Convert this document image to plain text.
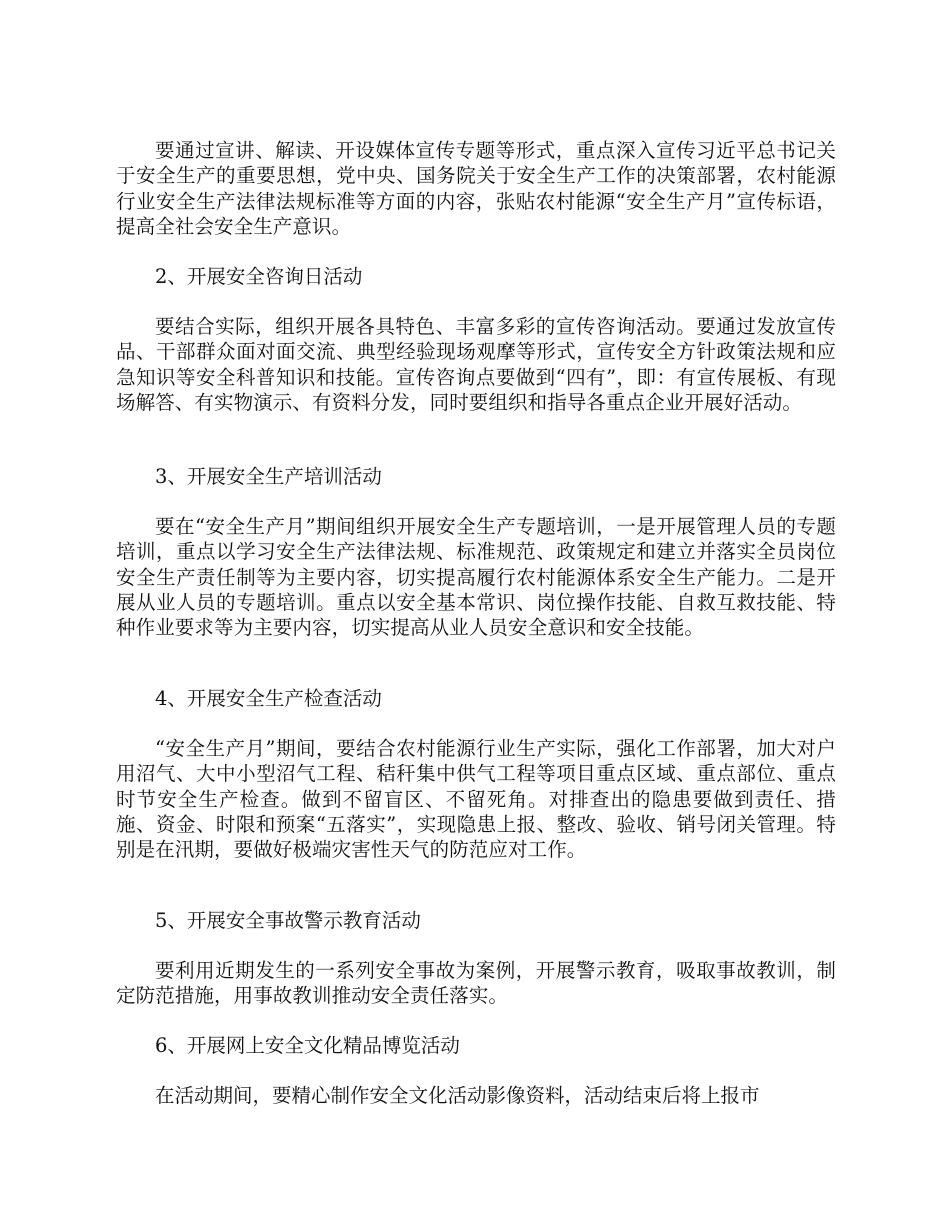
要通过宣讲、解读、开设媒体宣传专题等形式，重点深入宣传习近平总书记关于安全生产的重要思想，党中央、国务院关于安全生产工作的决策部署，农村能源行业安全生产法律法规标准等方面的内容，张贴农村能源“安全生产月”宣传标语，提高全社会安全生产意识。

2、开展安全咨询日活动

要结合实际，组织开展各具特色、丰富多彩的宣传咨询活动。要通过发放宣传品、干部群众面对面交流、典型经验现场观摩等形式，宣传安全方针政策法规和应急知识等安全科普知识和技能。宣传咨询点要做到“四有”，即：有宣传展板、有现场解答、有实物演示、有资料分发，同时要组织和指导各重点企业开展好活动。

3、开展安全生产培训活动

要在“安全生产月”期间组织开展安全生产专题培训，一是开展管理人员的专题培训，重点以学习安全生产法律法规、标准规范、政策规定和建立并落实全员岗位安全生产责任制等为主要内容，切实提高履行农村能源体系安全生产能力。二是开展从业人员的专题培训。重点以安全基本常识、岗位操作技能、自救互救技能、特种作业要求等为主要内容，切实提高从业人员安全意识和安全技能。

4、开展安全生产检查活动

“安全生产月”期间，要结合农村能源行业生产实际，强化工作部署，加大对户用沼气、大中小型沼气工程、秸秆集中供气工程等项目重点区域、重点部位、重点时节安全生产检查。做到不留盲区、不留死角。对排查出的隐患要做到责任、措施、资金、时限和预案“五落实”，实现隐患上报、整改、验收、销号闭关管理。特别是在汛期，要做好极端灾害性天气的防范应对工作。

5、开展安全事故警示教育活动

要利用近期发生的一系列安全事故为案例，开展警示教育，吸取事故教训，制定防范措施，用事故教训推动安全责任落实。

6、开展网上安全文化精品博览活动

在活动期间，要精心制作安全文化活动影像资料，活动结束后将上报市
